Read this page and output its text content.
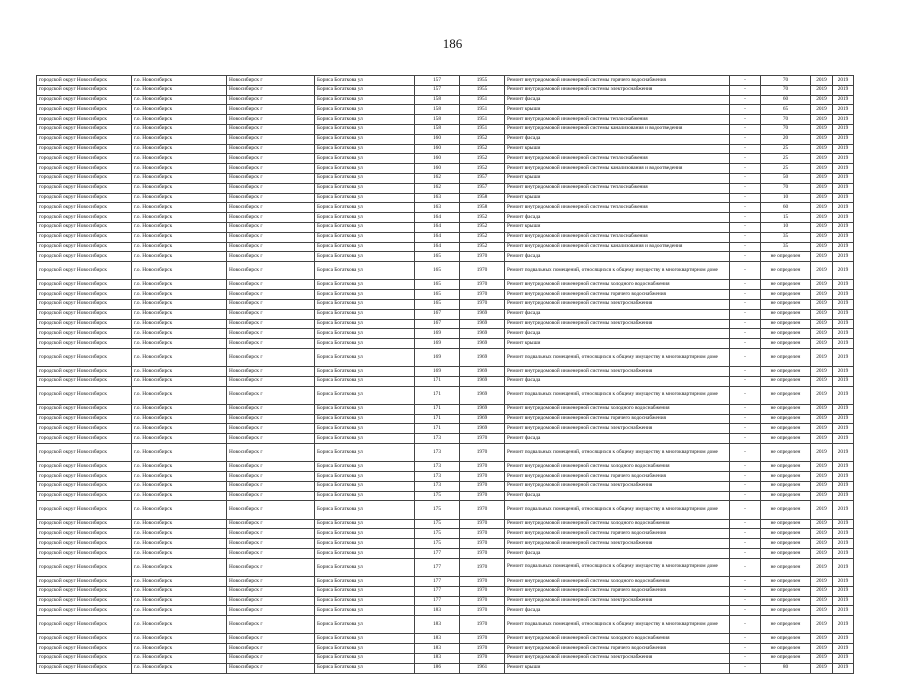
186
городской округ Новосибирск	г.о. Новосибирск	Новосибирск г	Бориса Богаткова ул	157	1955	Ремонт внутридомовой инженерной системы горячего водоснабжения	-	70	2019	2019
городской округ Новосибирск	г.о. Новосибирск	Новосибирск г	Бориса Богаткова ул	157	1955	Ремонт внутридомовой инженерной системы электроснабжения	-	70	2019	2019
городской округ Новосибирск	г.о. Новосибирск	Новосибирск г	Бориса Богаткова ул	158	1951	Ремонт фасада	-	60	2019	2019
городской округ Новосибирск	г.о. Новосибирск	Новосибирск г	Бориса Богаткова ул	158	1951	Ремонт крыши	-	65	2019	2019
городской округ Новосибирск	г.о. Новосибирск	Новосибирск г	Бориса Богаткова ул	158	1951	Ремонт внутридомовой инженерной системы теплоснабжения	-	70	2019	2019
городской округ Новосибирск	г.о. Новосибирск	Новосибирск г	Бориса Богаткова ул	158	1951	Ремонт внутридомовой инженерной системы канализования и водоотведения	-	70	2019	2019
городской округ Новосибирск	г.о. Новосибирск	Новосибирск г	Бориса Богаткова ул	160	1952	Ремонт фасада	-	20	2019	2019
городской округ Новосибирск	г.о. Новосибирск	Новосибирск г	Бориса Богаткова ул	160	1952	Ремонт крыши	-	25	2019	2019
городской округ Новосибирск	г.о. Новосибирск	Новосибирск г	Бориса Богаткова ул	160	1952	Ремонт внутридомовой инженерной системы теплоснабжения	-	25	2019	2019
городской округ Новосибирск	г.о. Новосибирск	Новосибирск г	Бориса Богаткова ул	160	1952	Ремонт внутридомовой инженерной системы канализования и водоотведения	-	25	2019	2019
городской округ Новосибирск	г.о. Новосибирск	Новосибирск г	Бориса Богаткова ул	162	1957	Ремонт крыши	-	50	2019	2019
городской округ Новосибирск	г.о. Новосибирск	Новосибирск г	Бориса Богаткова ул	162	1957	Ремонт внутридомовой инженерной системы теплоснабжения	-	70	2019	2019
городской округ Новосибирск	г.о. Новосибирск	Новосибирск г	Бориса Богаткова ул	163	1958	Ремонт крыши	-	10	2019	2019
городской округ Новосибирск	г.о. Новосибирск	Новосибирск г	Бориса Богаткова ул	163	1958	Ремонт внутридомовой инженерной системы теплоснабжения	-	60	2019	2019
городской округ Новосибирск	г.о. Новосибирск	Новосибирск г	Бориса Богаткова ул	164	1952	Ремонт фасада	-	15	2019	2019
городской округ Новосибирск	г.о. Новосибирск	Новосибирск г	Бориса Богаткова ул	164	1952	Ремонт крыши	-	10	2019	2019
городской округ Новосибирск	г.о. Новосибирск	Новосибирск г	Бориса Богаткова ул	164	1952	Ремонт внутридомовой инженерной системы теплоснабжения	-	35	2019	2019
городской округ Новосибирск	г.о. Новосибирск	Новосибирск г	Бориса Богаткова ул	164	1952	Ремонт внутридомовой инженерной системы канализования и водоотведения	-	35	2019	2019
городской округ Новосибирск	г.о. Новосибирск	Новосибирск г	Бориса Богаткова ул	165	1970	Ремонт фасада	-	не определен	2019	2019
городской округ Новосибирск	г.о. Новосибирск	Новосибирск г	Бориса Богаткова ул	165	1970	Ремонт подвальных помещений, относящихся к общему имуществу в многоквартирном доме	-	не определен	2019	2019
городской округ Новосибирск	г.о. Новосибирск	Новосибирск г	Бориса Богаткова ул	165	1970	Ремонт внутридомовой инженерной системы холодного водоснабжения	-	не определен	2019	2019
городской округ Новосибирск	г.о. Новосибирск	Новосибирск г	Бориса Богаткова ул	165	1970	Ремонт внутридомовой инженерной системы горячего водоснабжения	-	не определен	2019	2019
городской округ Новосибирск	г.о. Новосибирск	Новосибирск г	Бориса Богаткова ул	165	1970	Ремонт внутридомовой инженерной системы электроснабжения	-	не определен	2019	2019
городской округ Новосибирск	г.о. Новосибирск	Новосибирск г	Бориса Богаткова ул	167	1969	Ремонт фасада	-	не определен	2019	2019
городской округ Новосибирск	г.о. Новосибирск	Новосибирск г	Бориса Богаткова ул	167	1969	Ремонт внутридомовой инженерной системы электроснабжения	-	не определен	2019	2019
городской округ Новосибирск	г.о. Новосибирск	Новосибирск г	Бориса Богаткова ул	169	1969	Ремонт фасада	-	не определен	2019	2019
городской округ Новосибирск	г.о. Новосибирск	Новосибирск г	Бориса Богаткова ул	169	1969	Ремонт крыши	-	не определен	2019	2019
городской округ Новосибирск	г.о. Новосибирск	Новосибирск г	Бориса Богаткова ул	169	1969	Ремонт подвальных помещений, относящихся к общему имуществу в многоквартирном доме	-	не определен	2019	2019
городской округ Новосибирск	г.о. Новосибирск	Новосибирск г	Бориса Богаткова ул	169	1969	Ремонт внутридомовой инженерной системы электроснабжения	-	не определен	2019	2019
городской округ Новосибирск	г.о. Новосибирск	Новосибирск г	Бориса Богаткова ул	171	1969	Ремонт фасада	-	не определен	2019	2019
городской округ Новосибирск	г.о. Новосибирск	Новосибирск г	Бориса Богаткова ул	171	1969	Ремонт подвальных помещений, относящихся к общему имуществу в многоквартирном доме	-	не определен	2019	2019
городской округ Новосибирск	г.о. Новосибирск	Новосибирск г	Бориса Богаткова ул	171	1969	Ремонт внутридомовой инженерной системы холодного водоснабжения	-	не определен	2019	2019
городской округ Новосибирск	г.о. Новосибирск	Новосибирск г	Бориса Богаткова ул	171	1969	Ремонт внутридомовой инженерной системы горячего водоснабжения	-	не определен	2019	2019
городской округ Новосибирск	г.о. Новосибирск	Новосибирск г	Бориса Богаткова ул	171	1969	Ремонт внутридомовой инженерной системы электроснабжения	-	не определен	2019	2019
городской округ Новосибирск	г.о. Новосибирск	Новосибирск г	Бориса Богаткова ул	173	1970	Ремонт фасада	-	не определен	2019	2019
городской округ Новосибирск	г.о. Новосибирск	Новосибирск г	Бориса Богаткова ул	173	1970	Ремонт подвальных помещений, относящихся к общему имуществу в многоквартирном доме	-	не определен	2019	2019
городской округ Новосибирск	г.о. Новосибирск	Новосибирск г	Бориса Богаткова ул	173	1970	Ремонт внутридомовой инженерной системы холодного водоснабжения	-	не определен	2019	2019
городской округ Новосибирск	г.о. Новосибирск	Новосибирск г	Бориса Богаткова ул	173	1970	Ремонт внутридомовой инженерной системы горячего водоснабжения	-	не определен	2019	2019
городской округ Новосибирск	г.о. Новосибирск	Новосибирск г	Бориса Богаткова ул	173	1970	Ремонт внутридомовой инженерной системы электроснабжения	-	не определен	2019	2019
городской округ Новосибирск	г.о. Новосибирск	Новосибирск г	Бориса Богаткова ул	175	1970	Ремонт фасада	-	не определен	2019	2019
городской округ Новосибирск	г.о. Новосибирск	Новосибирск г	Бориса Богаткова ул	175	1970	Ремонт подвальных помещений, относящихся к общему имуществу в многоквартирном доме	-	не определен	2019	2019
городской округ Новосибирск	г.о. Новосибирск	Новосибирск г	Бориса Богаткова ул	175	1970	Ремонт внутридомовой инженерной системы холодного водоснабжения	-	не определен	2019	2019
городской округ Новосибирск	г.о. Новосибирск	Новосибирск г	Бориса Богаткова ул	175	1970	Ремонт внутридомовой инженерной системы горячего водоснабжения	-	не определен	2019	2019
городской округ Новосибирск	г.о. Новосибирск	Новосибирск г	Бориса Богаткова ул	175	1970	Ремонт внутридомовой инженерной системы электроснабжения	-	не определен	2019	2019
городской округ Новосибирск	г.о. Новосибирск	Новосибирск г	Бориса Богаткова ул	177	1970	Ремонт фасада	-	не определен	2019	2019
городской округ Новосибирск	г.о. Новосибирск	Новосибирск г	Бориса Богаткова ул	177	1970	Ремонт подвальных помещений, относящихся к общему имуществу в многоквартирном доме	-	не определен	2019	2019
городской округ Новосибирск	г.о. Новосибирск	Новосибирск г	Бориса Богаткова ул	177	1970	Ремонт внутридомовой инженерной системы холодного водоснабжения	-	не определен	2019	2019
городской округ Новосибирск	г.о. Новосибирск	Новосибирск г	Бориса Богаткова ул	177	1970	Ремонт внутридомовой инженерной системы горячего водоснабжения	-	не определен	2019	2019
городской округ Новосибирск	г.о. Новосибирск	Новосибирск г	Бориса Богаткова ул	177	1970	Ремонт внутридомовой инженерной системы электроснабжения	-	не определен	2019	2019
городской округ Новосибирск	г.о. Новосибирск	Новосибирск г	Бориса Богаткова ул	183	1970	Ремонт фасада	-	не определен	2019	2019
городской округ Новосибирск	г.о. Новосибирск	Новосибирск г	Бориса Богаткова ул	183	1970	Ремонт подвальных помещений, относящихся к общему имуществу в многоквартирном доме	-	не определен	2019	2019
городской округ Новосибирск	г.о. Новосибирск	Новосибирск г	Бориса Богаткова ул	183	1970	Ремонт внутридомовой инженерной системы холодного водоснабжения	-	не определен	2019	2019
городской округ Новосибирск	г.о. Новосибирск	Новосибирск г	Бориса Богаткова ул	183	1970	Ремонт внутридомовой инженерной системы горячего водоснабжения	-	не определен	2019	2019
городской округ Новосибирск	г.о. Новосибирск	Новосибирск г	Бориса Богаткова ул	183	1970	Ремонт внутридомовой инженерной системы электроснабжения	-	не определен	2019	2019
городской округ Новосибирск	г.о. Новосибирск	Новосибирск г	Бориса Богаткова ул	186	1961	Ремонт крыши	-	80	2019	2019
